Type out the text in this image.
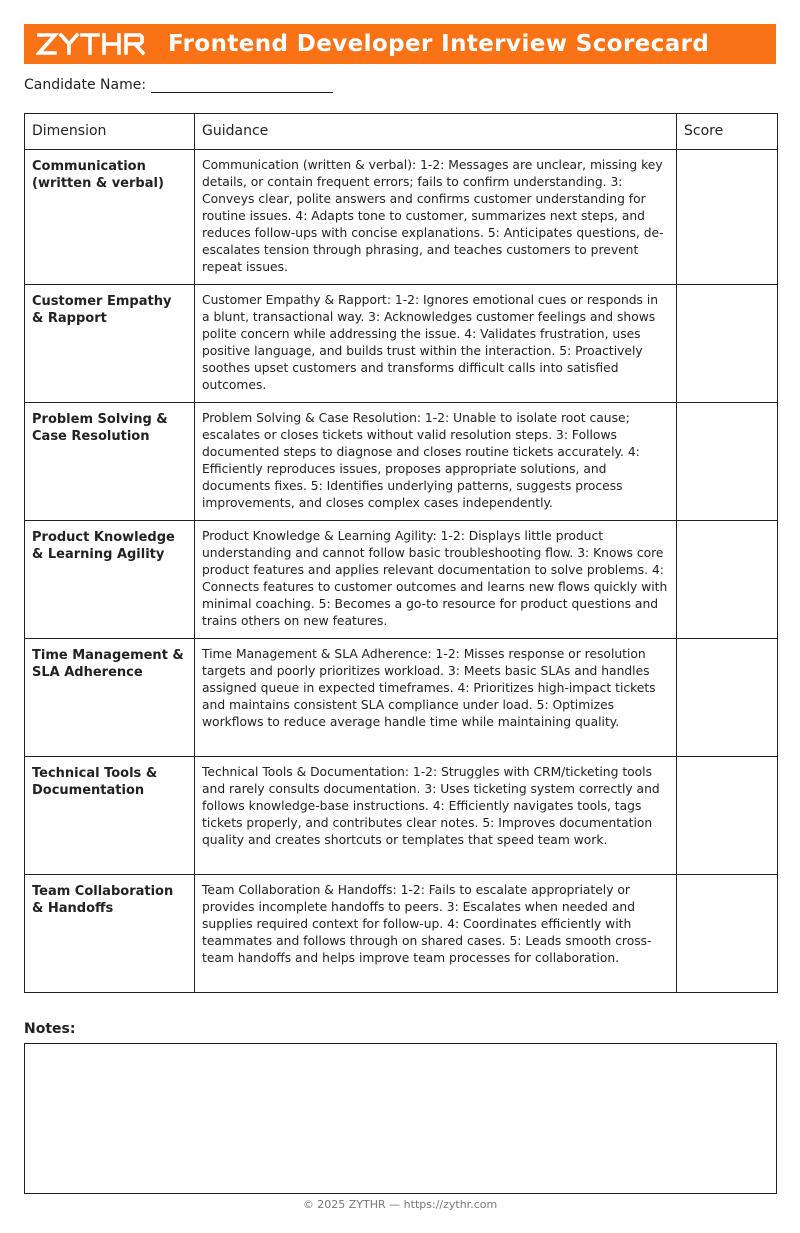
Frontend Developer Interview Scorecard
Candidate Name:
Dimension	Guidance	Score
Communication (written & verbal)	Communication (written & verbal): 1-2: Messages are unclear, missing key details, or contain frequent errors; fails to confirm understanding. 3: Conveys clear, polite answers and confirms customer understanding for routine issues. 4: Adapts tone to customer, summarizes next steps, and reduces follow-ups with concise explanations. 5: Anticipates questions, de-escalates tension through phrasing, and teaches customers to prevent repeat issues.	
Customer Empathy & Rapport	Customer Empathy & Rapport: 1-2: Ignores emotional cues or responds in a blunt, transactional way. 3: Acknowledges customer feelings and shows polite concern while addressing the issue. 4: Validates frustration, uses positive language, and builds trust within the interaction. 5: Proactively soothes upset customers and transforms difficult calls into satisfied outcomes.	
Problem Solving & Case Resolution	Problem Solving & Case Resolution: 1-2: Unable to isolate root cause; escalates or closes tickets without valid resolution steps. 3: Follows documented steps to diagnose and closes routine tickets accurately. 4: Efficiently reproduces issues, proposes appropriate solutions, and documents fixes. 5: Identifies underlying patterns, suggests process improvements, and closes complex cases independently.	
Product Knowledge & Learning Agility	Product Knowledge & Learning Agility: 1-2: Displays little product understanding and cannot follow basic troubleshooting flow. 3: Knows core product features and applies relevant documentation to solve problems. 4: Connects features to customer outcomes and learns new flows quickly with minimal coaching. 5: Becomes a go-to resource for product questions and trains others on new features.	
Time Management & SLA Adherence	Time Management & SLA Adherence: 1-2: Misses response or resolution targets and poorly prioritizes workload. 3: Meets basic SLAs and handles assigned queue in expected timeframes. 4: Prioritizes high-impact tickets and maintains consistent SLA compliance under load. 5: Optimizes workflows to reduce average handle time while maintaining quality.	
Technical Tools & Documentation	Technical Tools & Documentation: 1-2: Struggles with CRM/ticketing tools and rarely consults documentation. 3: Uses ticketing system correctly and follows knowledge-base instructions. 4: Efficiently navigates tools, tags tickets properly, and contributes clear notes. 5: Improves documentation quality and creates shortcuts or templates that speed team work.	
Team Collaboration & Handoffs	Team Collaboration & Handoffs: 1-2: Fails to escalate appropriately or provides incomplete handoffs to peers. 3: Escalates when needed and supplies required context for follow-up. 4: Coordinates efficiently with teammates and follows through on shared cases. 5: Leads smooth cross-team handoffs and helps improve team processes for collaboration.	
Notes:
© 2025 ZYTHR — https://zythr.com
